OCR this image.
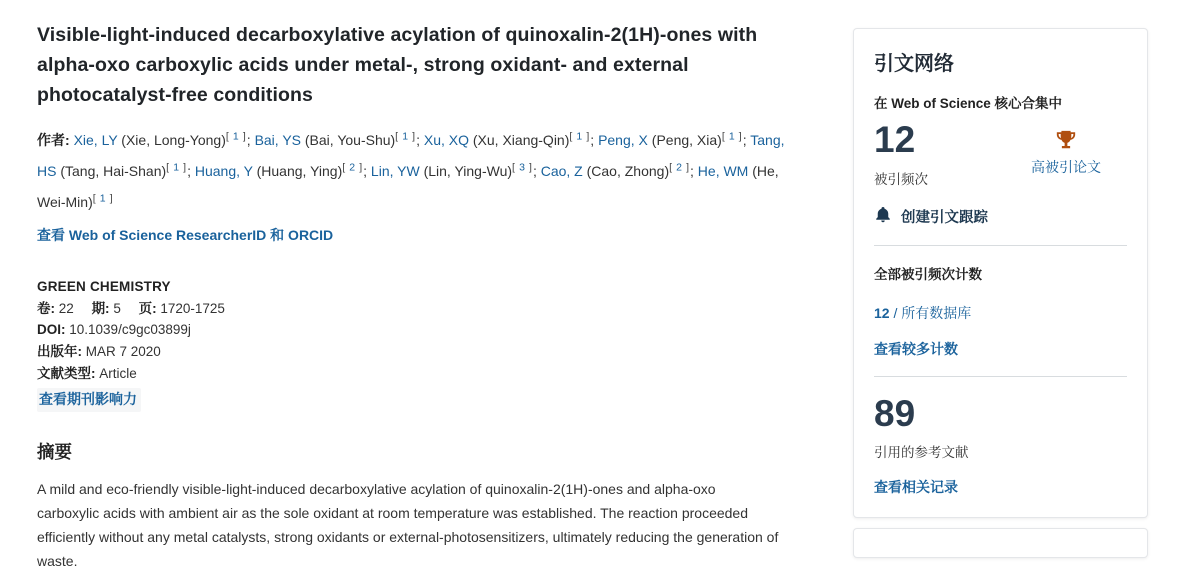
Visible-light-induced decarboxylative acylation of quinoxalin-2(1H)-ones with alpha-oxo carboxylic acids under metal-, strong oxidant- and external photocatalyst-free conditions

作者: Xie, LY (Xie, Long-Yong)[ 1 ]; Bai, YS (Bai, You-Shu)[ 1 ]; Xu, XQ (Xu, Xiang-Qin)[ 1 ]; Peng, X (Peng, Xia)[ 1 ]; Tang, HS (Tang, Hai-Shan)[ 1 ]; Huang, Y (Huang, Ying)[ 2 ]; Lin, YW (Lin, Ying-Wu)[ 3 ]; Cao, Z (Cao, Zhong)[ 2 ]; He, WM (He, Wei-Min)[ 1 ]

查看 Web of Science ResearcherID 和 ORCID
GREEN CHEMISTRY
卷: 22 期: 5 页: 1720-1725
DOI: 10.1039/c9gc03899j
出版年: MAR 7 2020
文献类型: Article
查看期刊影响力
摘要

A mild and eco-friendly visible-light-induced decarboxylative acylation of quinoxalin-2(1H)-ones and alpha-oxo carboxylic acids with ambient air as the sole oxidant at room temperature was established. The reaction proceeded efficiently without any metal catalysts, strong oxidants or external-photosensitizers, ultimately reducing the generation of waste.

引文网络

在 Web of Science 核心合集中

12
被引频次
高被引论文
创建引文跟踪

全部被引频次计数

12 / 所有数据库
查看较多计数
89
引用的参考文献
查看相关记录
